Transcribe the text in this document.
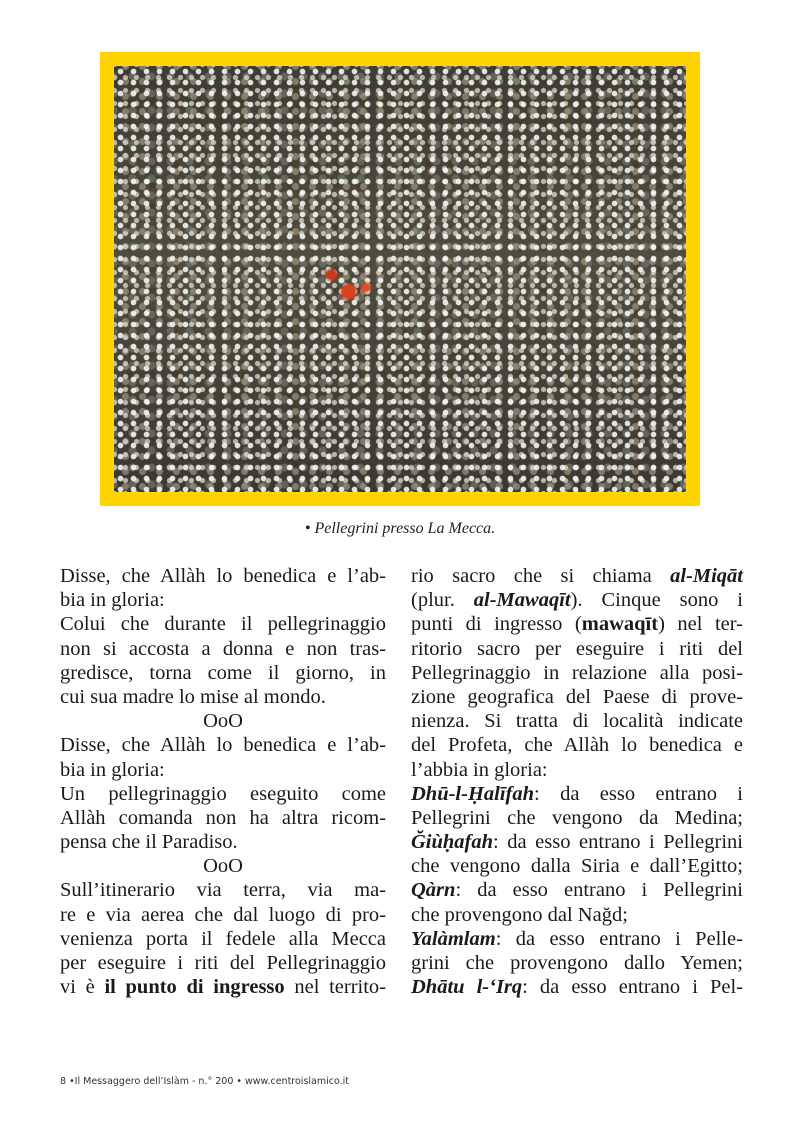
• Pellegrini presso La Mecca.
Disse, che Allàh lo benedica e l’ab-
bia in gloria:
Colui che durante il pellegrinaggio
non si accosta a donna e non tras-
gredisce, torna come il giorno, in
cui sua madre lo mise al mondo.
OoO
Disse, che Allàh lo benedica e l’ab-
bia in gloria:
Un pellegrinaggio eseguito come
Allàh comanda non ha altra ricom-
pensa che il Paradiso.
OoO
Sull’itinerario via terra, via ma-
re e via aerea che dal luogo di pro-
venienza porta il fedele alla Mecca
per eseguire i riti del Pellegrinaggio
vi è il punto di ingresso nel territo-
rio sacro che si chiama al-Miqāt
(plur. al-Mawaqīt). Cinque sono i
punti di ingresso (mawaqīt) nel ter-
ritorio sacro per eseguire i riti del
Pellegrinaggio in relazione alla posi-
zione geografica del Paese di prove-
nienza. Si tratta di località indicate
del Profeta, che Allàh lo benedica e
l’abbia in gloria:
Dhū-l-Ḥalīfah: da esso entrano i
Pellegrini che vengono da Medina;
Ğiùḥafah: da esso entrano i Pellegrini
che vengono dalla Siria e dall’Egitto;
Qàrn: da esso entrano i Pellegrini
che provengono dal Nağd;
Yalàmlam: da esso entrano i Pelle-
grini che provengono dallo Yemen;
Dhātu l-‘Irq: da esso entrano i Pel-
8 •Il Messaggero dell’Islàm - n.° 200 • www.centroislamico.it
